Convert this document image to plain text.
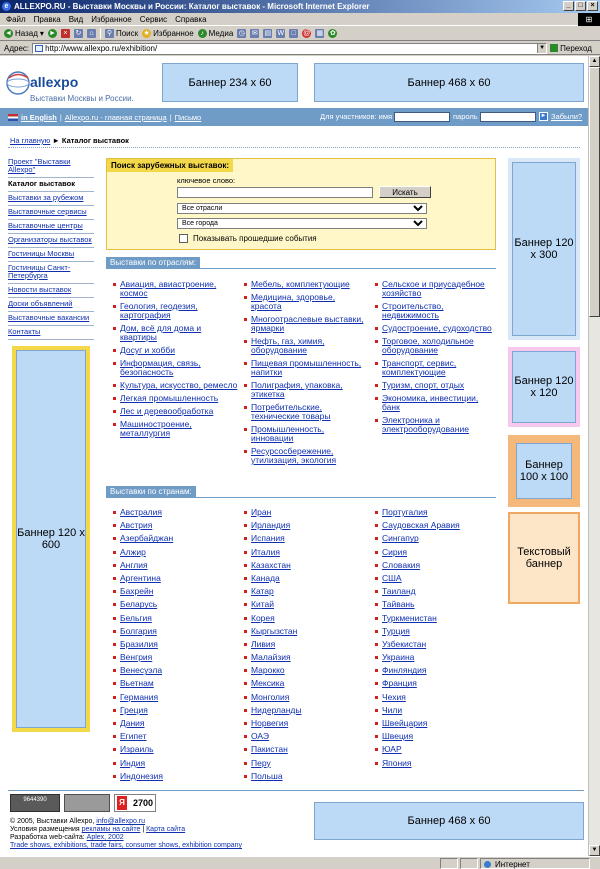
e ALLEXPO.RU - Выставки Москвы и России: Каталог выставок - Microsoft Internet Explorer	_	□	×
Файл Правка Вид Избранное Сервис Справка	⊞
◄ Назад ▾ ►	×	↻	⌂	⚲ Поиск ★ Избранное ♪ Медиа ◷ ✉ ▤ W	□	@ ▦ ✿
Адрес:	http://www.allexpo.ru/exhibition/	▼ Переход
allexpo
Выставки Москвы и России.
Баннер 234 x 60	Баннер 468 x 60
in English | Allexpo.ru - главная страница | Письмо	Для участников: имя	пароль	► Забыли?
На главную ► Каталог выставок
Проект "Выставки Allexpo"
Каталог выставок
Выставки за рубежом
Выставочные сервисы
Выставочные центры
Организаторы выставок
Гостиницы Москвы
Гостиницы Санкт-Петербурга
Новости выставок
Доски объявлений
Выставочные вакансии
Контакты
Баннер 120 x 600
Поиск зарубежных выставок:
ключевое слово:
Искать
Все отрасли
Все города
Показывать прошедшие события
Выставки по отраслям:
Авиация, авиастроение, космос
Геология, геодезия, картография
Дом, всё для дома и квартиры
Досуг и хобби
Информация, связь, безопасность
Культура, искусство, ремесло
Легкая промышленность
Лес и деревообработка
Машиностроение, металлургия
Мебель, комплектующие
Медицина, здоровье, красота
Многоотраслевые выставки, ярмарки
Нефть, газ, химия, оборудование
Пищевая промышленность, напитки
Полиграфия, упаковка, этикетка
Потребительские, технические товары
Промышленность, инновации
Ресурсосбережение, утилизация, экология
Сельское и приусадебное хозяйство
Строительство, недвижимость
Судостроение, судоходство
Торговое, холодильное оборудование
Транспорт, сервис, комплектующие
Туризм, спорт, отдых
Экономика, инвестиции, банк
Электроника и электрооборудование
Выставки по странам:
Австралия
Австрия
Азербайджан
Алжир
Англия
Аргентина
Бахрейн
Беларусь
Бельгия
Болгария
Бразилия
Венгрия
Венесуэла
Вьетнам
Германия
Греция
Дания
Египет
Израиль
Индия
Индонезия
Иран
Ирландия
Испания
Италия
Казахстан
Канада
Катар
Китай
Корея
Кыргызстан
Ливия
Малайзия
Марокко
Мексика
Монголия
Нидерланды
Норвегия
ОАЭ
Пакистан
Перу
Польша
Португалия
Саудовская Аравия
Сингапур
Сирия
Словакия
США
Таиланд
Тайвань
Туркменистан
Турция
Узбекистан
Украина
Финляндия
Франция
Чехия
Чили
Швейцария
Швеция
ЮАР
Япония
Баннер 120 x 300
Баннер 120 x 120
Баннер 100 x 100
Текстовый баннер
9644390	Я 2700
© 2005, Выставки Allexpo, info@allexpo.ru
Условия размещения рекламы на сайте | Карта сайта
Разработка web-сайта: Aplex, 2002
Trade shows, exhibitions, trade fairs, consumer shows, exhibition company
Баннер 468 x 60
▲
▼
Интернет
